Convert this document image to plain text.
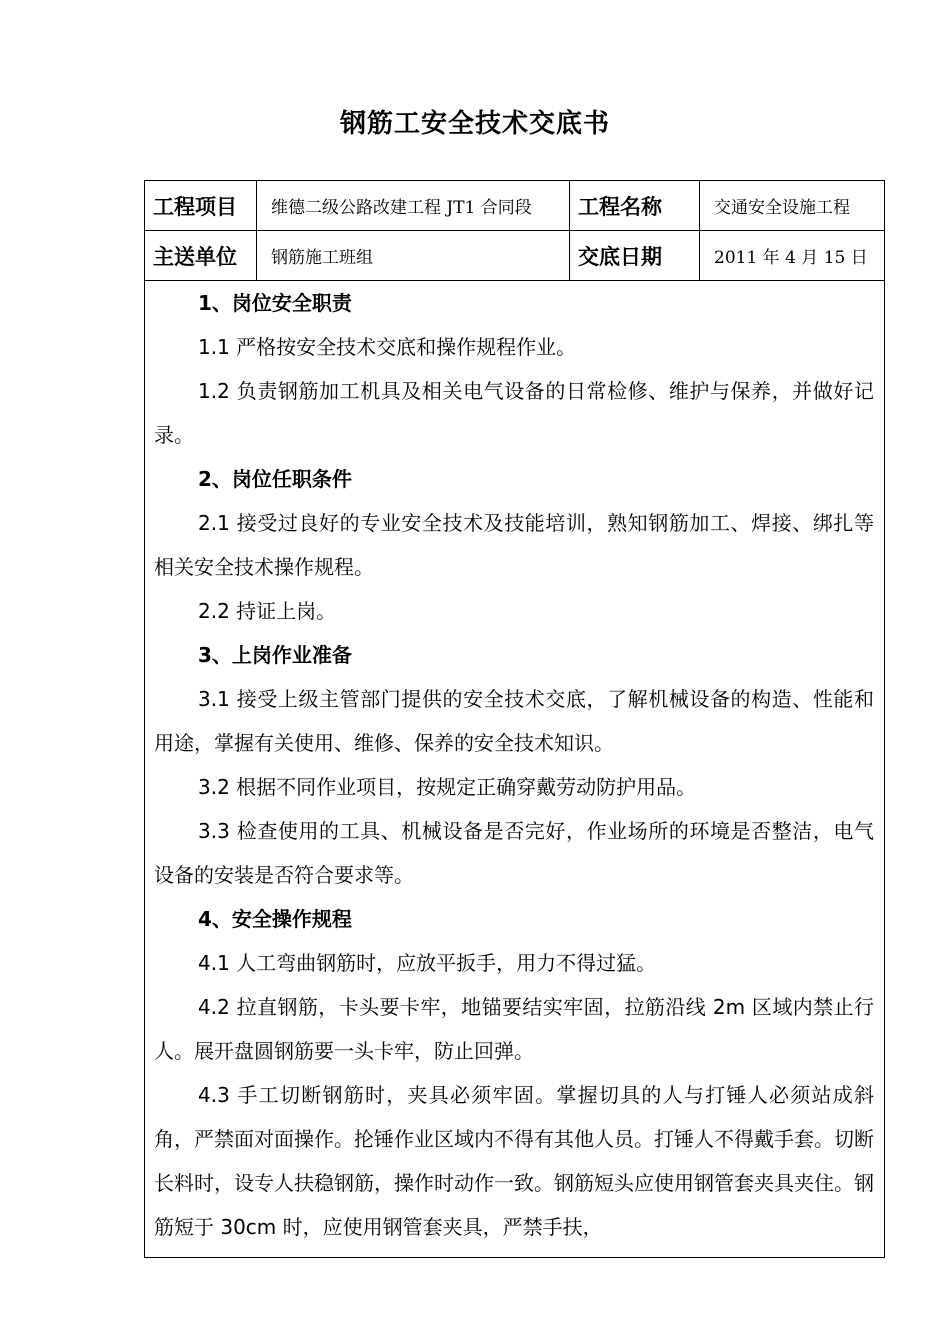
钢筋工安全技术交底书
工程项目	维德二级公路改建工程 JT1 合同段	工程名称	交通安全设施工程
主送单位	钢筋施工班组	交底日期	2011 年 4 月 15 日

1、岗位安全职责

1.1 严格按安全技术交底和操作规程作业。

1.2 负责钢筋加工机具及相关电气设备的日常检修、维护与保养，并做好记录。

2、岗位任职条件

2.1 接受过良好的专业安全技术及技能培训，熟知钢筋加工、焊接、绑扎等相关安全技术操作规程。

2.2 持证上岗。

3、上岗作业准备

3.1 接受上级主管部门提供的安全技术交底，了解机械设备的构造、性能和用途，掌握有关使用、维修、保养的安全技术知识。

3.2 根据不同作业项目，按规定正确穿戴劳动防护用品。

3.3 检查使用的工具、机械设备是否完好，作业场所的环境是否整洁，电气设备的安装是否符合要求等。

4、安全操作规程

4.1 人工弯曲钢筋时，应放平扳手，用力不得过猛。

4.2 拉直钢筋，卡头要卡牢，地锚要结实牢固，拉筋沿线 2m 区域内禁止行人。展开盘圆钢筋要一头卡牢，防止回弹。

4.3 手工切断钢筋时，夹具必须牢固。掌握切具的人与打锤人必须站成斜角，严禁面对面操作。抡锤作业区域内不得有其他人员。打锤人不得戴手套。切断长料时，设专人扶稳钢筋，操作时动作一致。钢筋短头应使用钢管套夹具夹住。钢筋短于 30cm 时，应使用钢管套夹具，严禁手扶，
